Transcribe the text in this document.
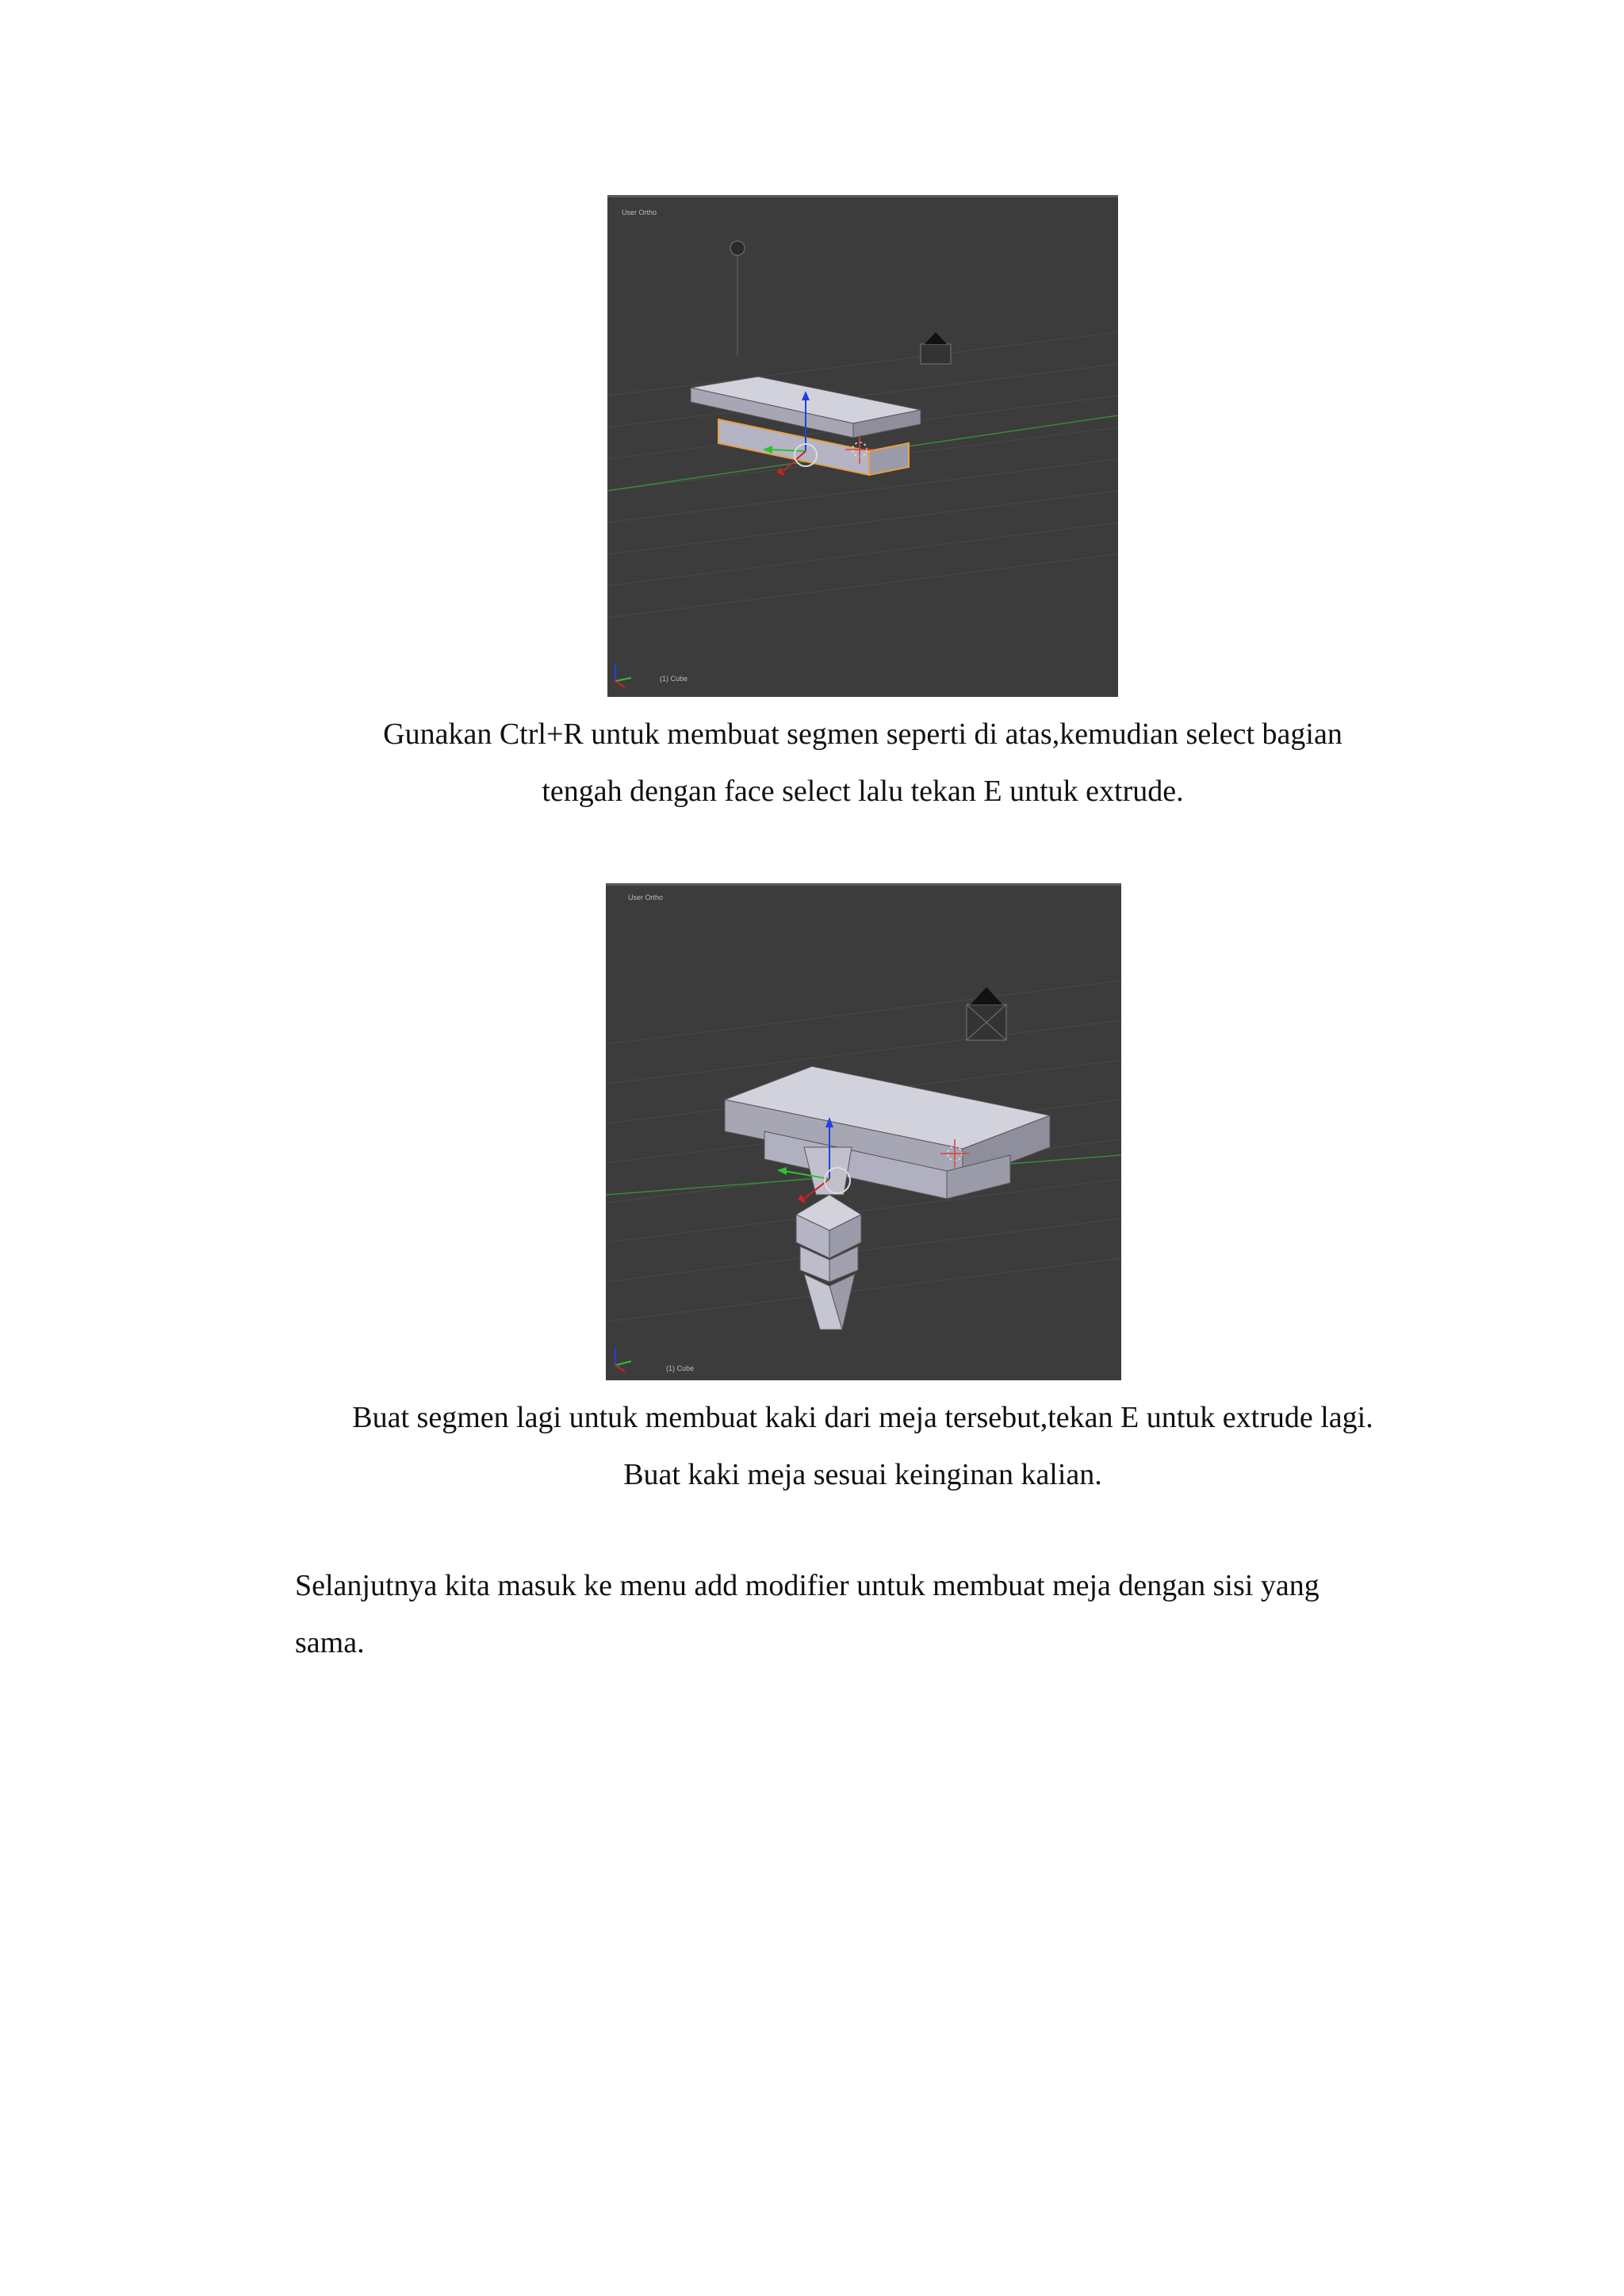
User Ortho
(1) Cube
Gunakan Ctrl+R untuk membuat segmen seperti di atas,kemudian select bagian
tengah dengan face select lalu tekan E untuk extrude.
User Ortho
(1) Cube
Buat segmen lagi untuk membuat kaki dari meja tersebut,tekan E untuk extrude lagi.
Buat kaki meja sesuai keinginan kalian.
Selanjutnya kita masuk ke menu add modifier untuk membuat meja dengan sisi yang
sama.
